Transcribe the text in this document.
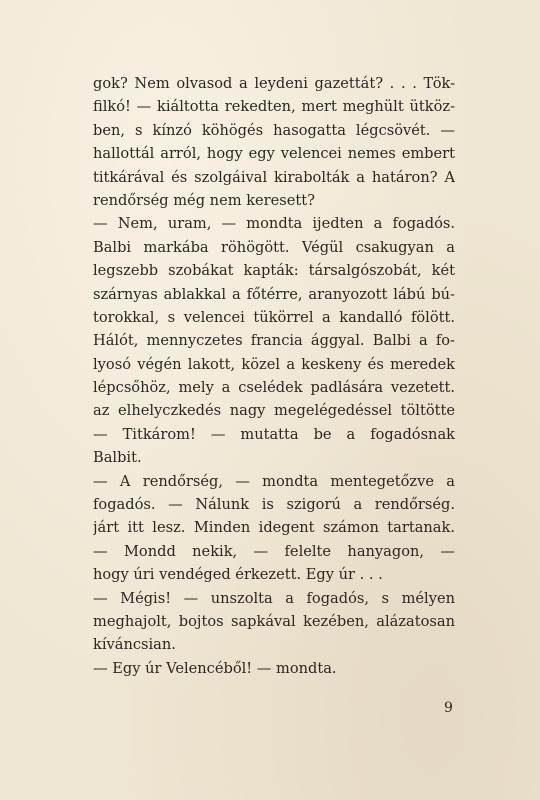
gok? Nem olvasod a leydeni gazettát? . . . Tök-
filkó! — kiáltotta rekedten, mert meghült ütköz-
ben, s kínzó köhögés hasogatta légcsövét. —
hallottál arról, hogy egy velencei nemes embert
titkárával és szolgáival kirabolták a határon? A
rendőrség még nem keresett?
— Nem, uram, — mondta ijedten a fogadós.
Balbi markába röhögött. Végül csakugyan a
legszebb szobákat kapták: társalgószobát, két
szárnyas ablakkal a főtérre, aranyozott lábú bú-
torokkal, s velencei tükörrel a kandalló fölött.
Hálót, mennyczetes francia ággyal. Balbi a fo-
lyosó végén lakott, közel a keskeny és meredek
lépcsőhöz, mely a cselédek padlására vezetett.
az elhelyczkedés nagy megelégedéssel töltötte
— Titkárom! — mutatta be a fogadósnak
Balbit.
— A rendőrség, — mondta mentegetőzve a
fogadós. — Nálunk is szigorú a rendőrség.
járt itt lesz. Minden idegent számon tartanak.
— Mondd nekik, — felelte hanyagon, —
hogy úri vendéged érkezett. Egy úr . . .
— Mégis! — unszolta a fogadós, s mélyen
meghajolt, bojtos sapkával kezében, alázatosan
kíváncsian.
— Egy úr Velencéből! — mondta.
9
